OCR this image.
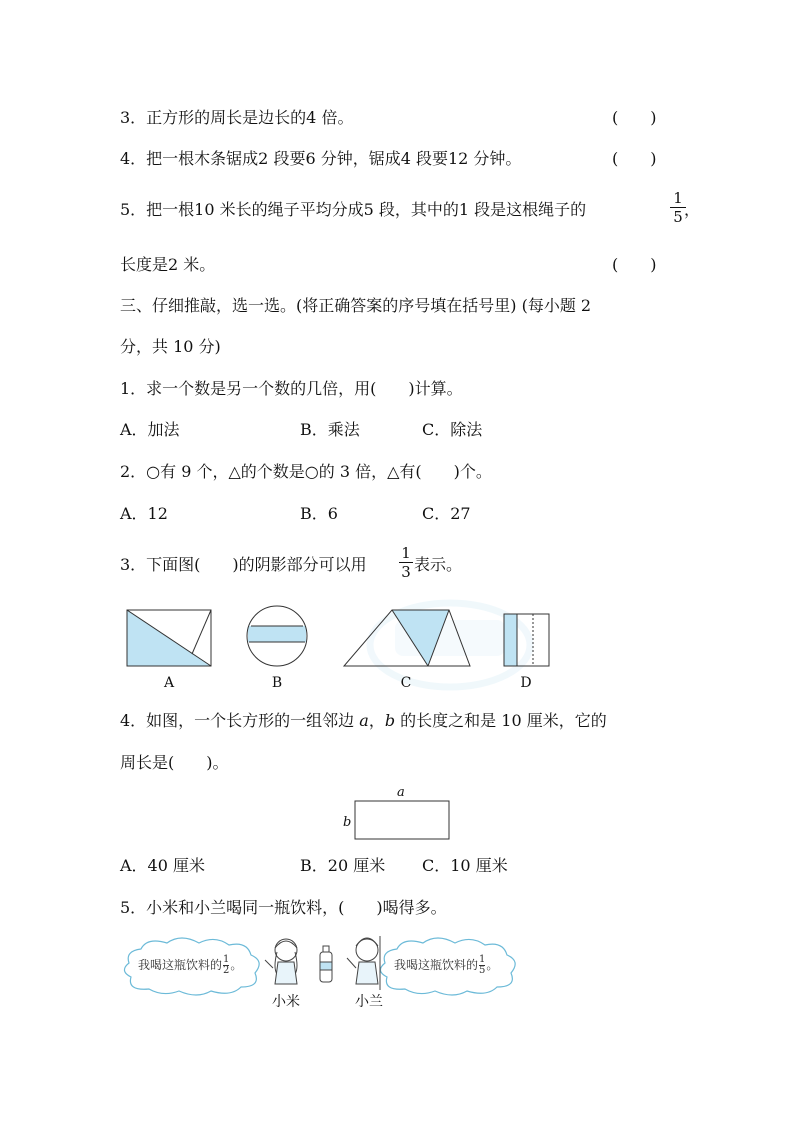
3．正方形的周长是边长的4 倍。	(　　)
4．把一根木条锯成2 段要6 分钟，锯成4 段要12 分钟。	(　　)
5．把一根10 米长的绳子平均分成5 段，其中的1 段是这根绳子的	$\frac{1}{5}$
，
长度是2 米。	(　　)
三、仔细推敲，选一选。(将正确答案的序号填在括号里) (每小题 2
分，共 10 分)
1．求一个数是另一个数的几倍，用(　　)计算。
A．加法	B．乘法	C．除法
2．○有 9 个，△的个数是○的 3 倍，△有(　　)个。
A．12	B．6	C．27
3．下面图(　　)的阴影部分可以用 $\frac{1}{3}$ 表示。
A	B	C	D
4．如图，一个长方形的一组邻边 a，b 的长度之和是 10 厘米，它的
周长是(　　)。
a
b
A．40 厘米	B．20 厘米 C．10 厘米
5．小米和小兰喝同一瓶饮料，(　　)喝得多。
我喝这瓶饮料的 $\frac{1}{2}$ 。	我喝这瓶饮料的 $\frac{1}{5}$ 。
小米	小兰
